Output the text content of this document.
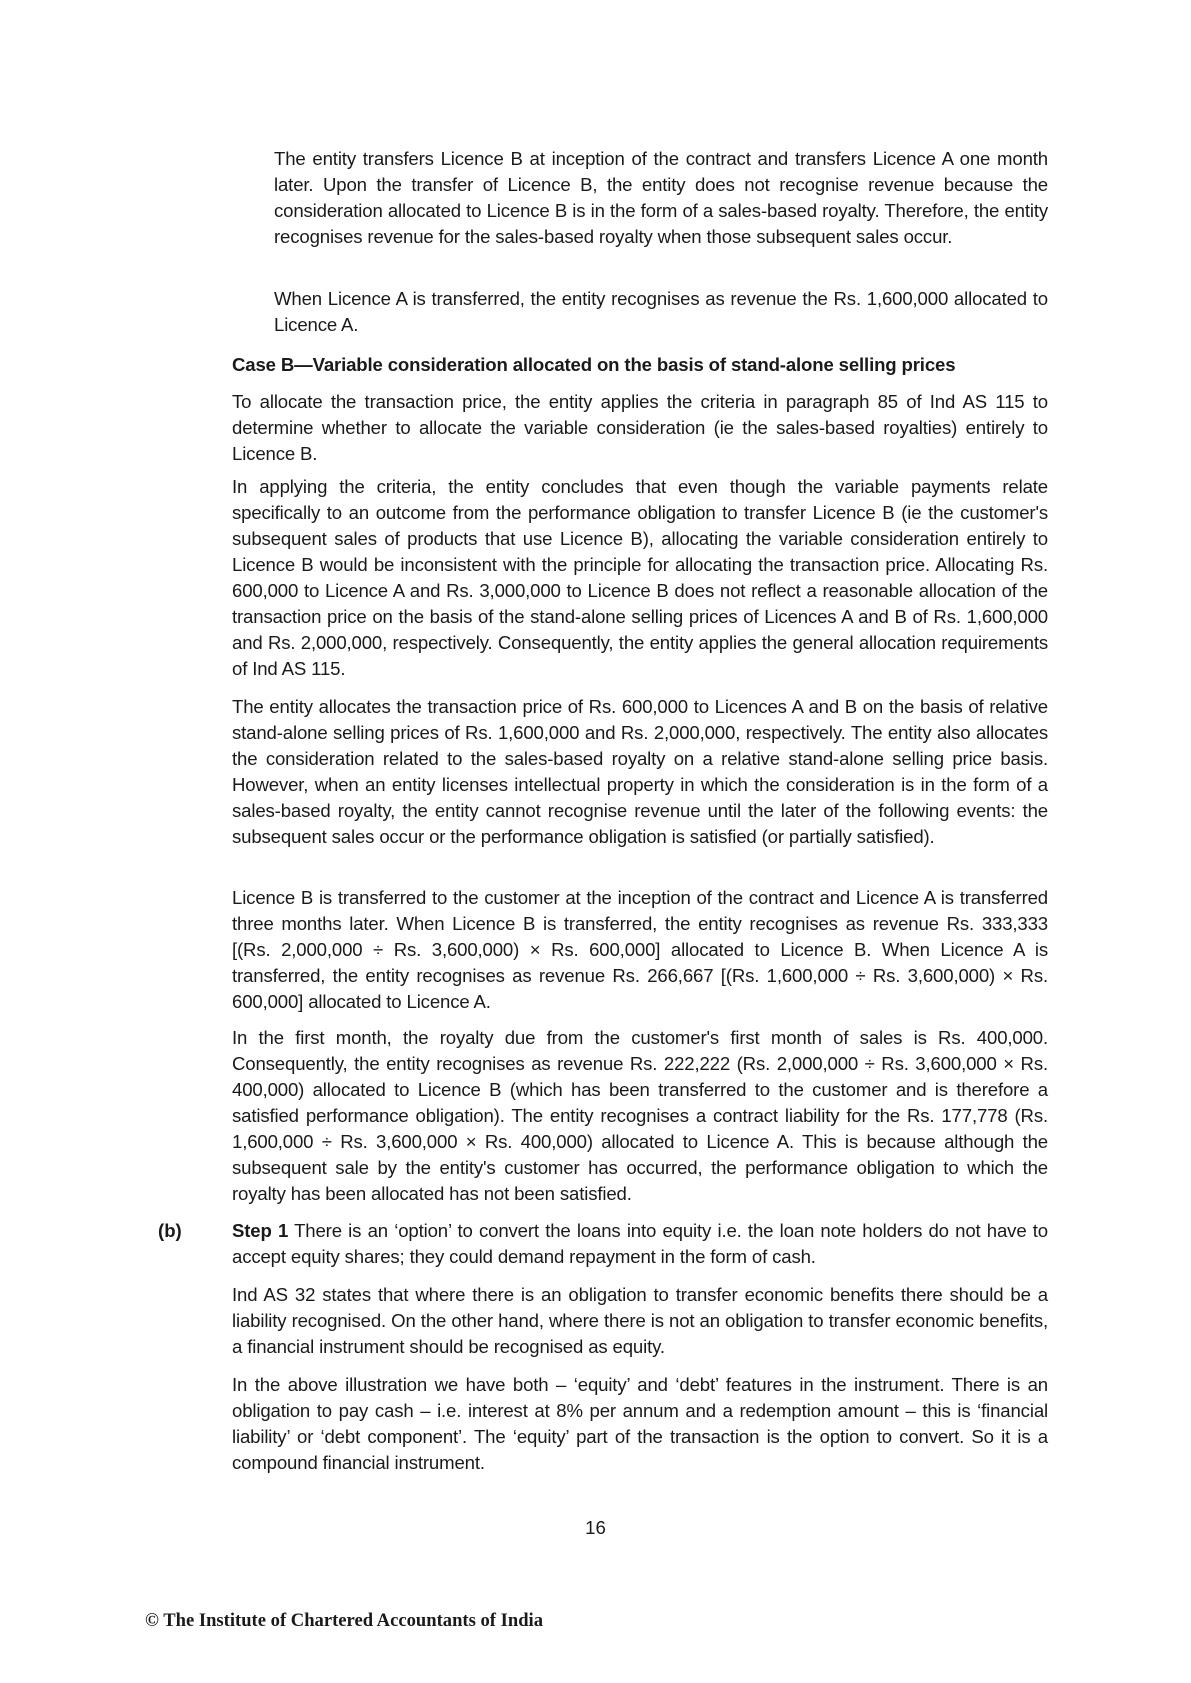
The entity transfers Licence B at inception of the contract and transfers Licence A one month later. Upon the transfer of Licence B, the entity does not recognise revenue because the consideration allocated to Licence B is in the form of a sales-based royalty. Therefore, the entity recognises revenue for the sales-based royalty when those subsequent sales occur.

When Licence A is transferred, the entity recognises as revenue the Rs. 1,600,000 allocated to Licence A.

Case B—Variable consideration allocated on the basis of stand-alone selling prices

To allocate the transaction price, the entity applies the criteria in paragraph 85 of Ind AS 115 to determine whether to allocate the variable consideration (ie the sales-based royalties) entirely to Licence B.

In applying the criteria, the entity concludes that even though the variable payments relate specifically to an outcome from the performance obligation to transfer Licence B (ie the customer's subsequent sales of products that use Licence B), allocating the variable consideration entirely to Licence B would be inconsistent with the principle for allocating the transaction price. Allocating Rs. 600,000 to Licence A and Rs. 3,000,000 to Licence B does not reflect a reasonable allocation of the transaction price on the basis of the stand-alone selling prices of Licences A and B of Rs. 1,600,000 and Rs. 2,000,000, respectively. Consequently, the entity applies the general allocation requirements of Ind AS 115.

The entity allocates the transaction price of Rs. 600,000 to Licences A and B on the basis of relative stand-alone selling prices of Rs. 1,600,000 and Rs. 2,000,000, respectively. The entity also allocates the consideration related to the sales-based royalty on a relative stand-alone selling price basis. However, when an entity licenses intellectual property in which the consideration is in the form of a sales-based royalty, the entity cannot recognise revenue until the later of the following events: the subsequent sales occur or the performance obligation is satisfied (or partially satisfied).

Licence B is transferred to the customer at the inception of the contract and Licence A is transferred three months later. When Licence B is transferred, the entity recognises as revenue Rs. 333,333 [(Rs. 2,000,000 ÷ Rs. 3,600,000) × Rs. 600,000] allocated to Licence B. When Licence A is transferred, the entity recognises as revenue Rs. 266,667 [(Rs. 1,600,000 ÷ Rs. 3,600,000) × Rs. 600,000] allocated to Licence A.

In the first month, the royalty due from the customer's first month of sales is Rs. 400,000. Consequently, the entity recognises as revenue Rs. 222,222 (Rs. 2,000,000 ÷ Rs. 3,600,000 × Rs. 400,000) allocated to Licence B (which has been transferred to the customer and is therefore a satisfied performance obligation). The entity recognises a contract liability for the Rs. 177,778 (Rs. 1,600,000 ÷ Rs. 3,600,000 × Rs. 400,000) allocated to Licence A. This is because although the subsequent sale by the entity's customer has occurred, the performance obligation to which the royalty has been allocated has not been satisfied.

(b)	Step 1 There is an ‘option’ to convert the loans into equity i.e. the loan note holders do not have to accept equity shares; they could demand repayment in the form of cash.

Ind AS 32 states that where there is an obligation to transfer economic benefits there should be a liability recognised. On the other hand, where there is not an obligation to transfer economic benefits, a financial instrument should be recognised as equity.

In the above illustration we have both – ‘equity’ and ‘debt’ features in the instrument. There is an obligation to pay cash – i.e. interest at 8% per annum and a redemption amount – this is ‘financial liability’ or ‘debt component’. The ‘equity’ part of the transaction is the option to convert. So it is a compound financial instrument.

16
© The Institute of Chartered Accountants of India
